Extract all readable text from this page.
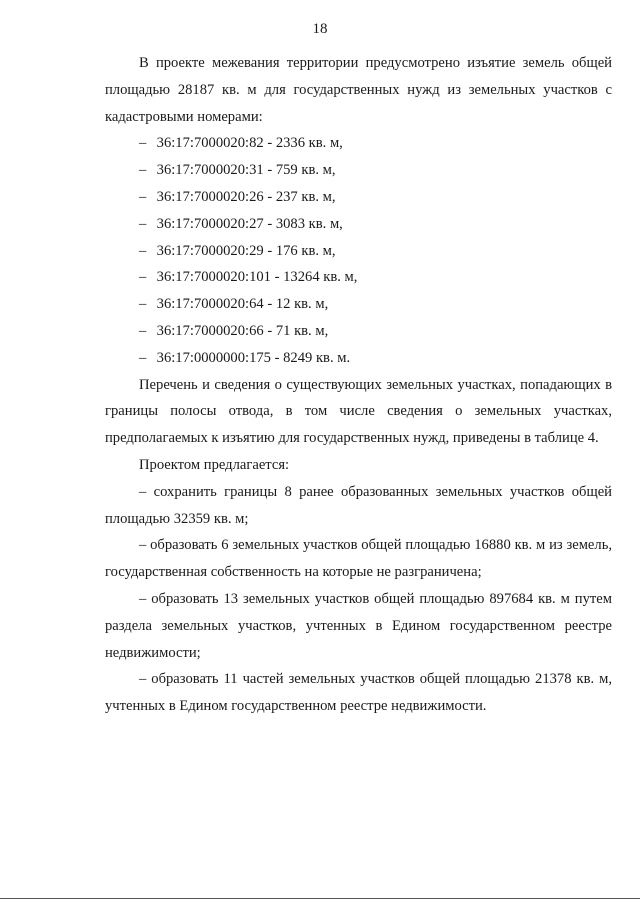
18

В проекте межевания территории предусмотрено изъятие земель общей площадью 28187 кв. м для государственных нужд из земельных участков с кадастровыми номерами:

– 36:17:7000020:82 - 2336 кв. м,
– 36:17:7000020:31 - 759 кв. м,
– 36:17:7000020:26 - 237 кв. м,
– 36:17:7000020:27 - 3083 кв. м,
– 36:17:7000020:29 - 176 кв. м,
– 36:17:7000020:101 - 13264 кв. м,
– 36:17:7000020:64 - 12 кв. м,
– 36:17:7000020:66 - 71 кв. м,
– 36:17:0000000:175 - 8249 кв. м.

Перечень и сведения о существующих земельных участках, попадающих в границы полосы отвода, в том числе сведения о земельных участках, предполагаемых к изъятию для государственных нужд, приведены в таблице 4.

Проектом предлагается:

– сохранить границы 8 ранее образованных земельных участков общей площадью 32359 кв. м;

– образовать 6 земельных участков общей площадью 16880 кв. м из земель, государственная собственность на которые не разграничена;

– образовать 13 земельных участков общей площадью 897684 кв. м путем раздела земельных участков, учтенных в Едином государственном реестре недвижимости;

– образовать 11 частей земельных участков общей площадью 21378 кв. м, учтенных в Едином государственном реестре недвижимости.
